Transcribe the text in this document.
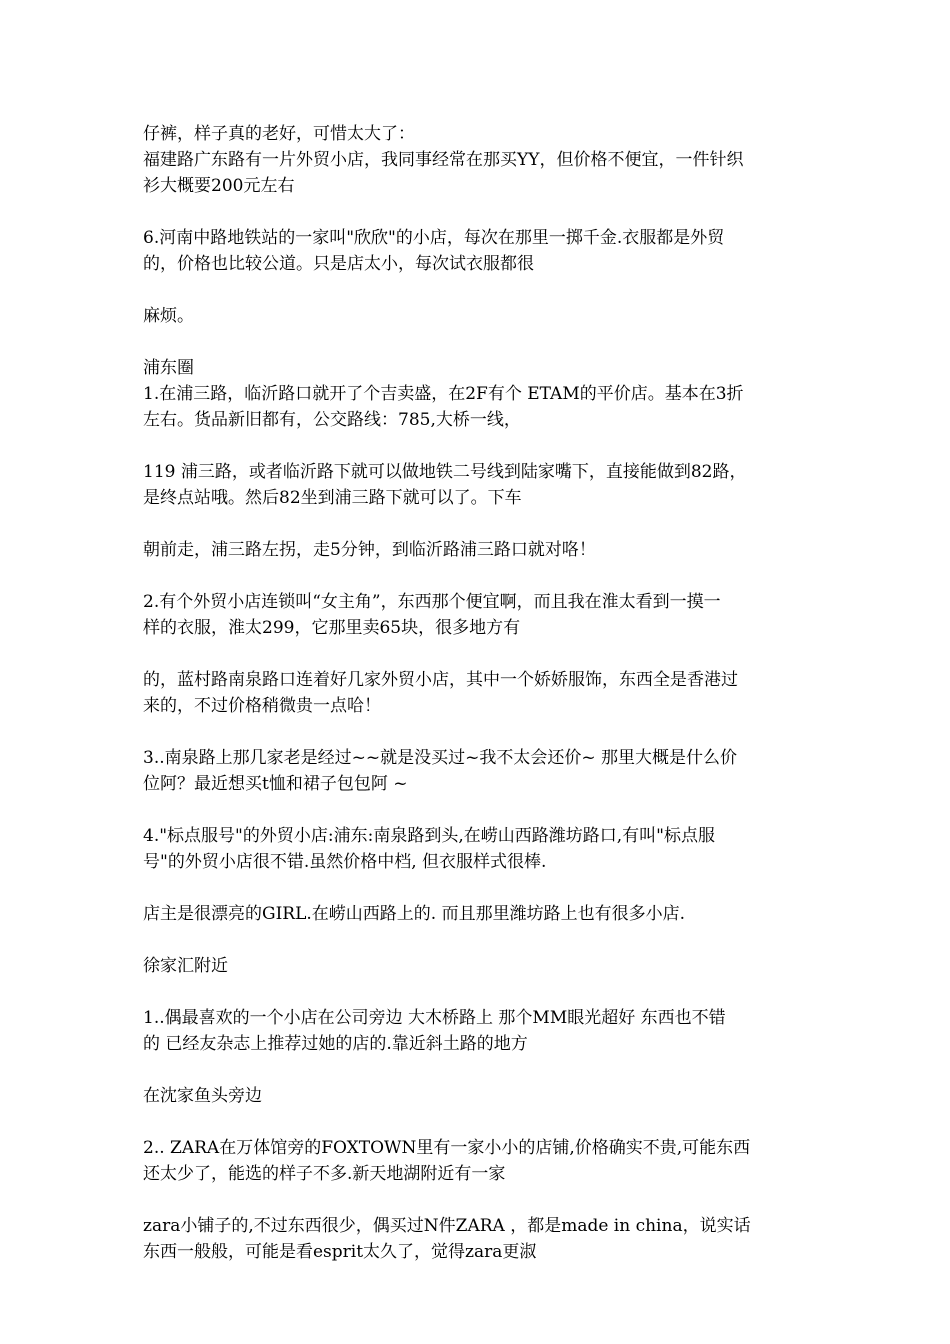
仔裤，样子真的老好，可惜太大了：
福建路广东路有一片外贸小店，我同事经常在那买YY，但价格不便宜，一件针织
衫大概要200元左右
6.河南中路地铁站的一家叫"欣欣"的小店，每次在那里一掷千金.衣服都是外贸
的，价格也比较公道。只是店太小，每次试衣服都很
麻烦。
浦东圈
1.在浦三路，临沂路口就开了个吉卖盛，在2F有个 ETAM的平价店。基本在3折
左右。货品新旧都有，公交路线：785,大桥一线，
119 浦三路，或者临沂路下就可以做地铁二号线到陆家嘴下，直接能做到82路，
是终点站哦。然后82坐到浦三路下就可以了。下车
朝前走，浦三路左拐，走5分钟，到临沂路浦三路口就对咯！
2.有个外贸小店连锁叫“女主角”，东西那个便宜啊，而且我在淮太看到一摸一
样的衣服，淮太299，它那里卖65块，很多地方有
的，蓝村路南泉路口连着好几家外贸小店，其中一个娇娇服饰，东西全是香港过
来的，不过价格稍微贵一点哈！
3..南泉路上那几家老是经过~~就是没买过~我不太会还价~ 那里大概是什么价
位阿？最近想买t恤和裙子包包阿 ~
4."标点服号"的外贸小店:浦东:南泉路到头,在崂山西路潍坊路口,有叫"标点服
号"的外贸小店很不错.虽然价格中档, 但衣服样式很棒.
店主是很漂亮的GIRL.在崂山西路上的. 而且那里潍坊路上也有很多小店.
徐家汇附近
1..偶最喜欢的一个小店在公司旁边 大木桥路上 那个MM眼光超好 东西也不错
的 已经友杂志上推荐过她的店的.靠近斜土路的地方
在沈家鱼头旁边
2.. ZARA在万体馆旁的FOXTOWN里有一家小小的店铺,价格确实不贵,可能东西
还太少了，能选的样子不多.新天地湖附近有一家
zara小铺子的,不过东西很少，偶买过N件ZARA ，都是made in china，说实话
东西一般般，可能是看esprit太久了，觉得zara更淑
